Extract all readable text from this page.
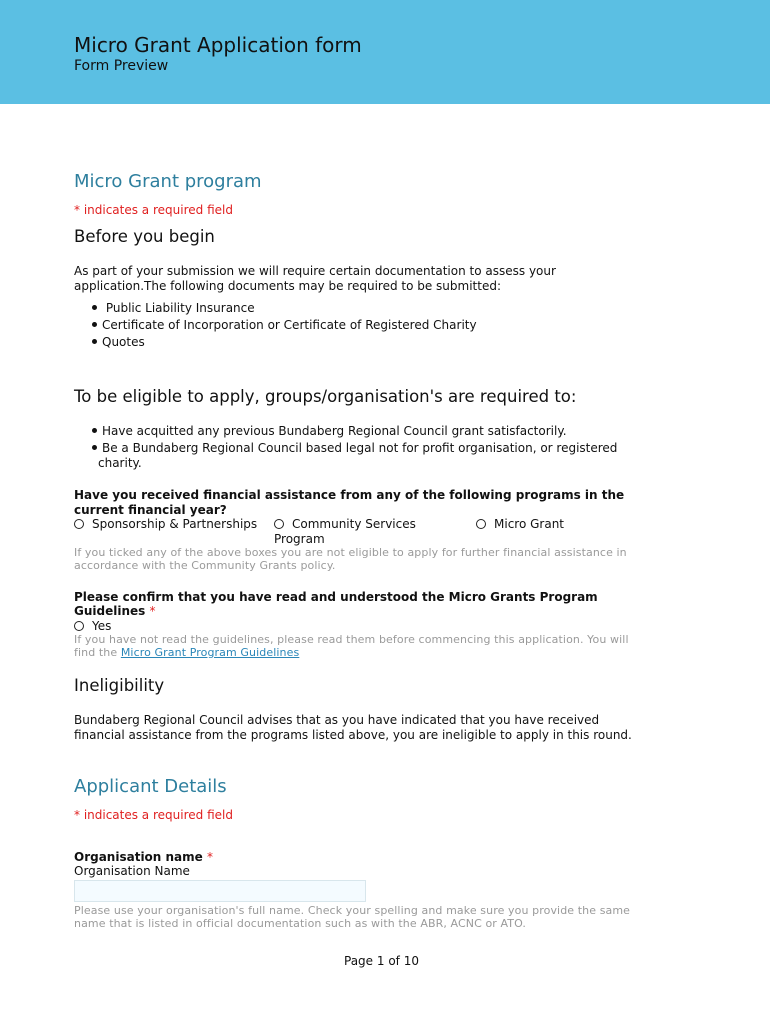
Micro Grant Application form
Form Preview
Micro Grant program
* indicates a required field
Before you begin
As part of your submission we will require certain documentation to assess your
application.The following documents may be required to be submitted:
Public Liability Insurance
Certificate of Incorporation or Certificate of Registered Charity
Quotes
To be eligible to apply, groups/organisation's are required to:
Have acquitted any previous Bundaberg Regional Council grant satisfactorily.
Be a Bundaberg Regional Council based legal not for profit organisation, or registered
charity.
Have you received financial assistance from any of the following programs in the
current financial year?
Sponsorship & Partnerships	Community Services
Program
Micro Grant
If you ticked any of the above boxes you are not eligible to apply for further financial assistance in
accordance with the Community Grants policy.
Please confirm that you have read and understood the Micro Grants Program
Guidelines *
Yes
If you have not read the guidelines, please read them before commencing this application. You will
find the Micro Grant Program Guidelines
Ineligibility
Bundaberg Regional Council advises that as you have indicated that you have received
financial assistance from the programs listed above, you are ineligible to apply in this round.
Applicant Details
* indicates a required field
Organisation name *
Organisation Name
Please use your organisation's full name. Check your spelling and make sure you provide the same
name that is listed in official documentation such as with the ABR, ACNC or ATO.
Page 1 of 10
